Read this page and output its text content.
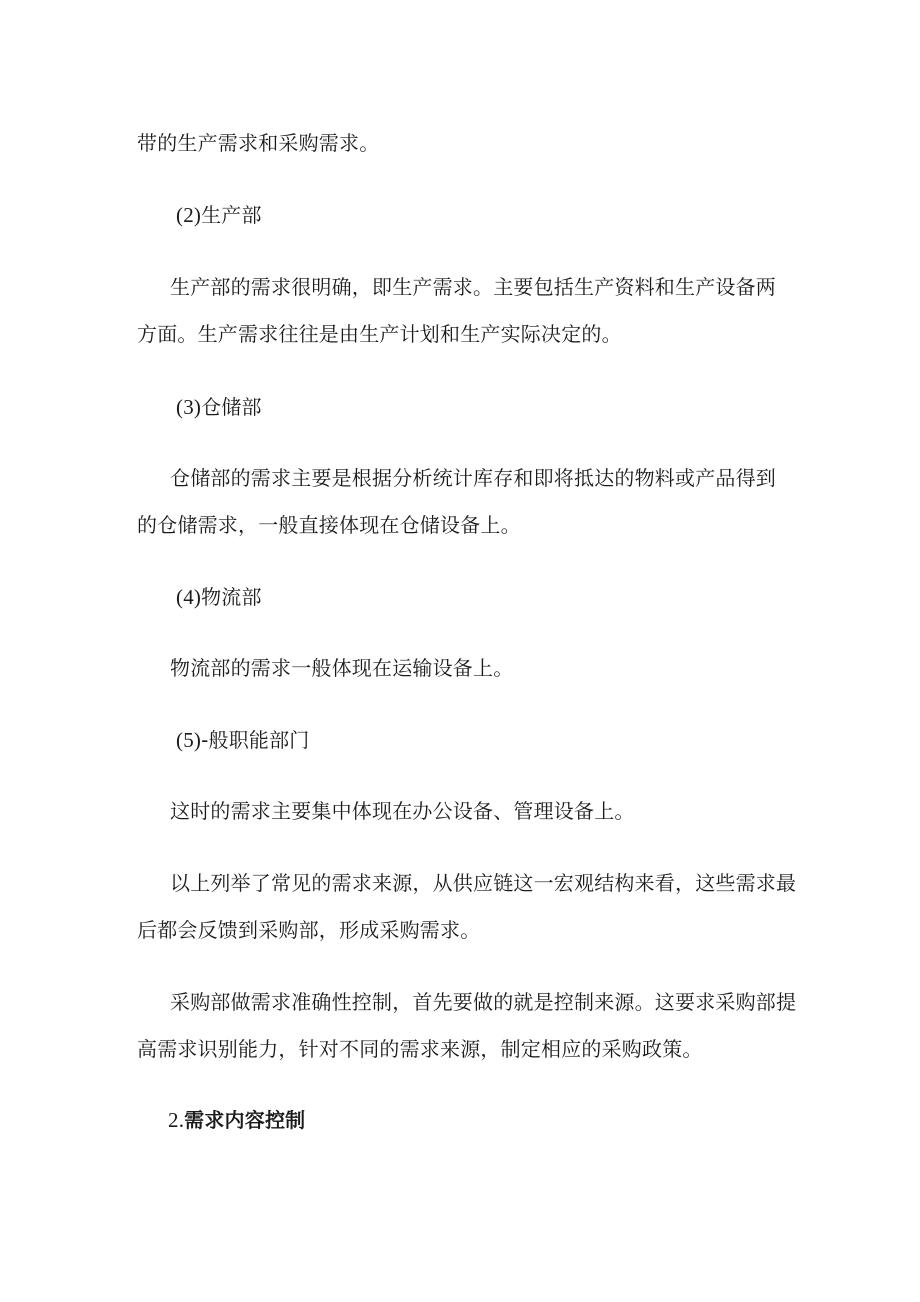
带的生产需求和采购需求。
(2)生产部
生产部的需求很明确，即生产需求。主要包括生产资料和生产设备两
方面。生产需求往往是由生产计划和生产实际决定的。
(3)仓储部
仓储部的需求主要是根据分析统计库存和即将抵达的物料或产品得到
的仓储需求，一般直接体现在仓储设备上。
(4)物流部
物流部的需求一般体现在运输设备上。
(5)-般职能部门
这时的需求主要集中体现在办公设备、管理设备上。
以上列举了常见的需求来源，从供应链这一宏观结构来看，这些需求最
后都会反馈到采购部，形成采购需求。
采购部做需求准确性控制，首先要做的就是控制来源。这要求采购部提
高需求识别能力，针对不同的需求来源，制定相应的采购政策。
2.需求内容控制
